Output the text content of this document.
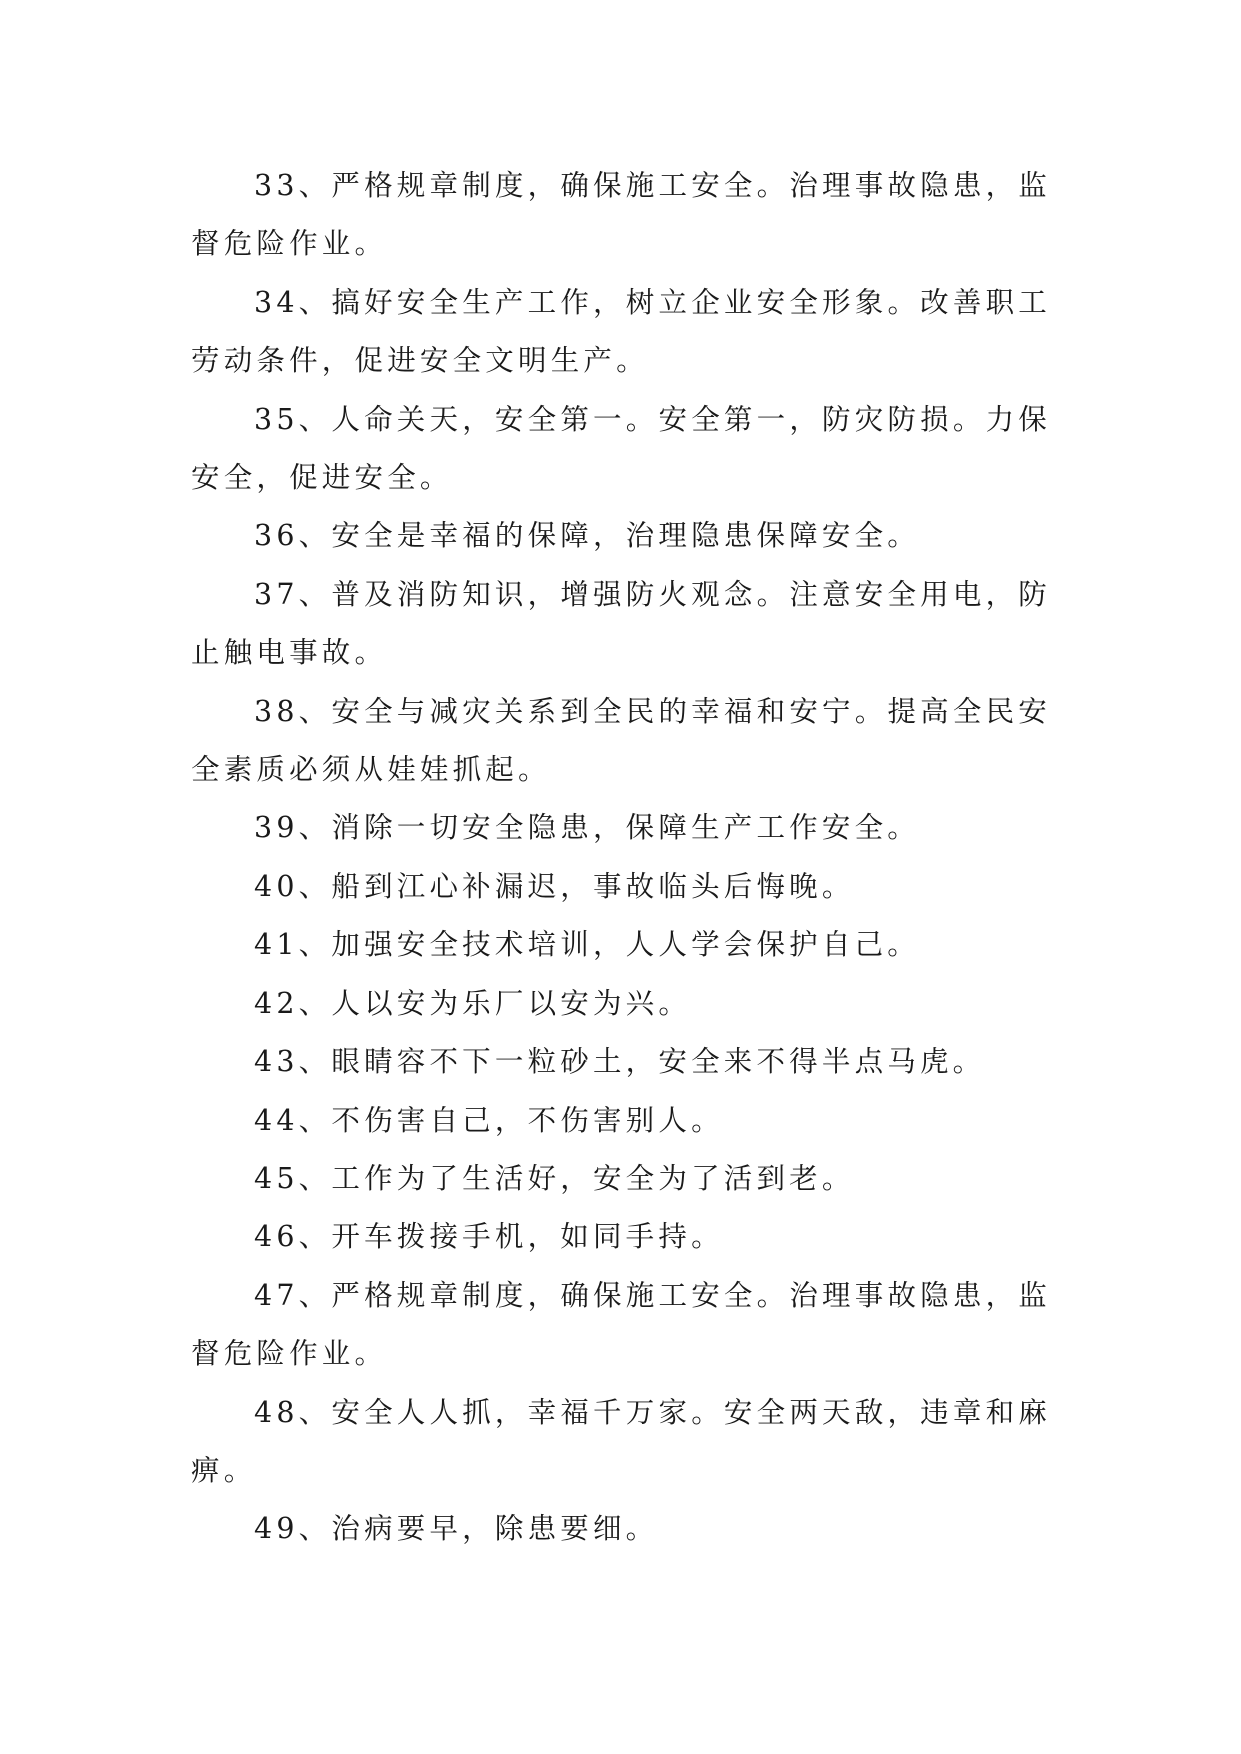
33、严格规章制度，确保施工安全。治理事故隐患，监督危险作业。

34、搞好安全生产工作，树立企业安全形象。改善职工劳动条件，促进安全文明生产。

35、人命关天，安全第一。安全第一，防灾防损。力保安全，促进安全。

36、安全是幸福的保障，治理隐患保障安全。

37、普及消防知识，增强防火观念。注意安全用电，防止触电事故。

38、安全与减灾关系到全民的幸福和安宁。提高全民安全素质必须从娃娃抓起。

39、消除一切安全隐患，保障生产工作安全。

40、船到江心补漏迟，事故临头后悔晚。

41、加强安全技术培训，人人学会保护自己。

42、人以安为乐厂以安为兴。

43、眼睛容不下一粒砂土，安全来不得半点马虎。

44、不伤害自己，不伤害别人。

45、工作为了生活好，安全为了活到老。

46、开车拨接手机，如同手持。

47、严格规章制度，确保施工安全。治理事故隐患，监督危险作业。

48、安全人人抓，幸福千万家。安全两天敌，违章和麻痹。

49、治病要早，除患要细。
